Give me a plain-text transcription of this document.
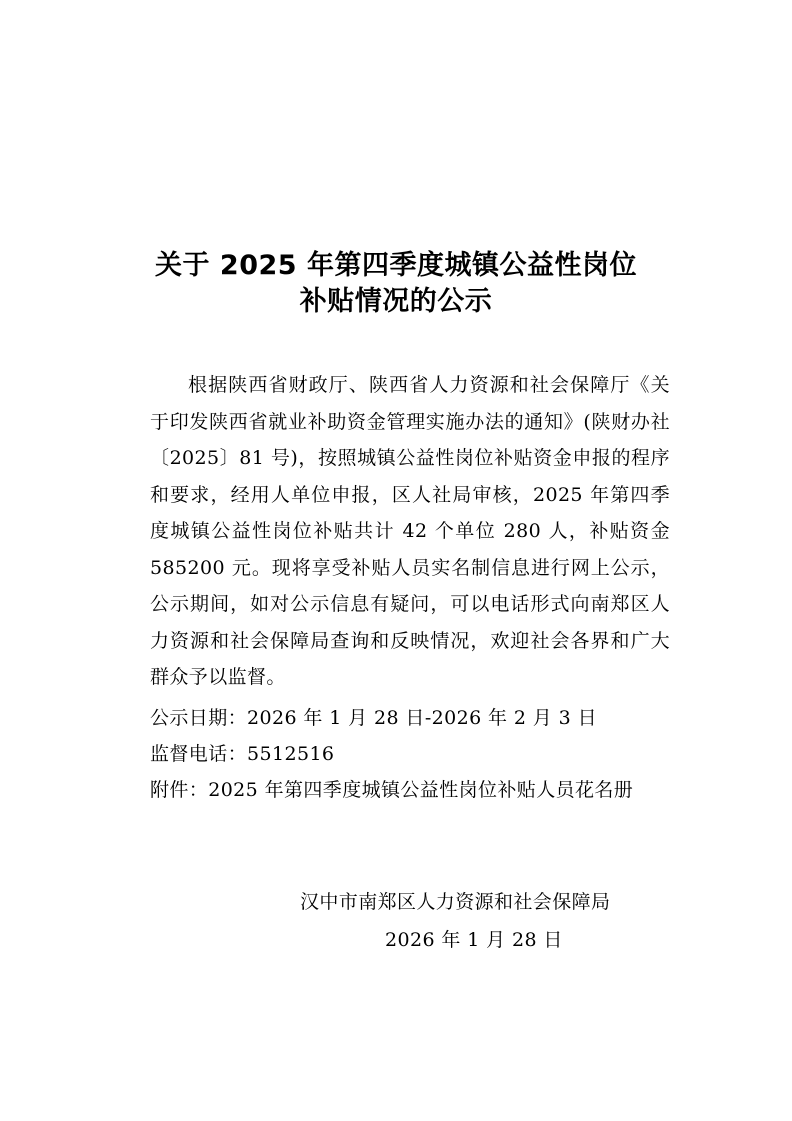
关于 2025 年第四季度城镇公益性岗位
补贴情况的公示

根据陕西省财政厅、陕西省人力资源和社会保障厅《关于印发陕西省就业补助资金管理实施办法的通知》(陕财办社〔2025〕81 号)，按照城镇公益性岗位补贴资金申报的程序和要求，经用人单位申报，区人社局审核，2025 年第四季度城镇公益性岗位补贴共计 42 个单位 280 人，补贴资金 585200 元。现将享受补贴人员实名制信息进行网上公示，公示期间，如对公示信息有疑问，可以电话形式向南郑区人力资源和社会保障局查询和反映情况，欢迎社会各界和广大群众予以监督。

公示日期：2026 年 1 月 28 日-2026 年 2 月 3 日

监督电话：5512516

附件：2025 年第四季度城镇公益性岗位补贴人员花名册

汉中市南郑区人力资源和社会保障局

2026 年 1 月 28 日
